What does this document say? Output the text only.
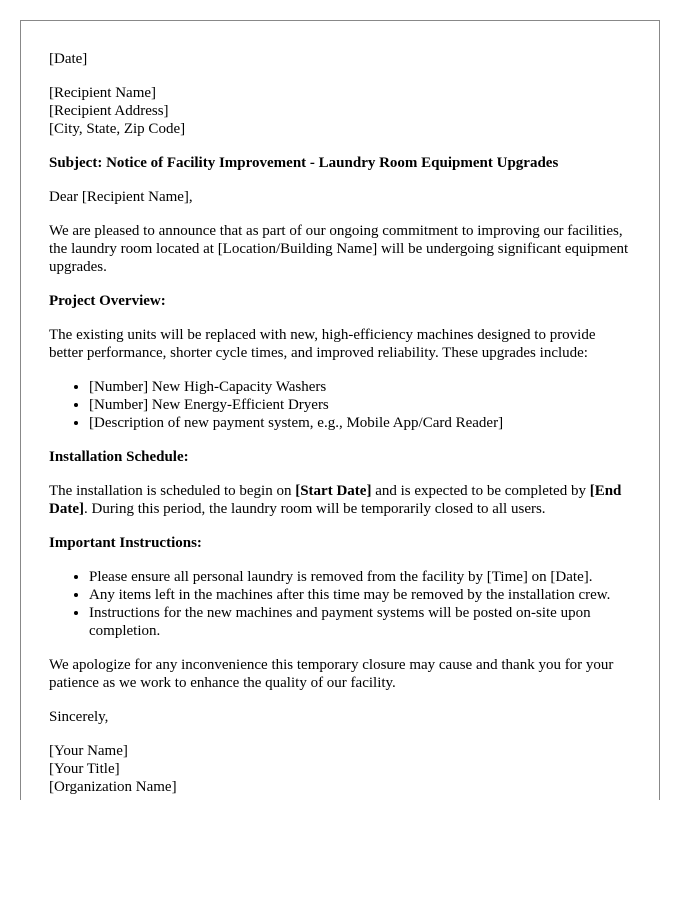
[Date]

[Recipient Name]
[Recipient Address]
[City, State, Zip Code]

Subject: Notice of Facility Improvement - Laundry Room Equipment Upgrades

Dear [Recipient Name],

We are pleased to announce that as part of our ongoing commitment to improving our facilities, the laundry room located at [Location/Building Name] will be undergoing significant equipment upgrades.

Project Overview:

The existing units will be replaced with new, high-efficiency machines designed to provide better performance, shorter cycle times, and improved reliability. These upgrades include:

• [Number] New High-Capacity Washers
• [Number] New Energy-Efficient Dryers
• [Description of new payment system, e.g., Mobile App/Card Reader]

Installation Schedule:

The installation is scheduled to begin on [Start Date] and is expected to be completed by [End Date]. During this period, the laundry room will be temporarily closed to all users.

Important Instructions:

• Please ensure all personal laundry is removed from the facility by [Time] on [Date].
• Any items left in the machines after this time may be removed by the installation crew.
• Instructions for the new machines and payment systems will be posted on-site upon completion.

We apologize for any inconvenience this temporary closure may cause and thank you for your patience as we work to enhance the quality of our facility.

Sincerely,

[Your Name]
[Your Title]
[Organization Name]
